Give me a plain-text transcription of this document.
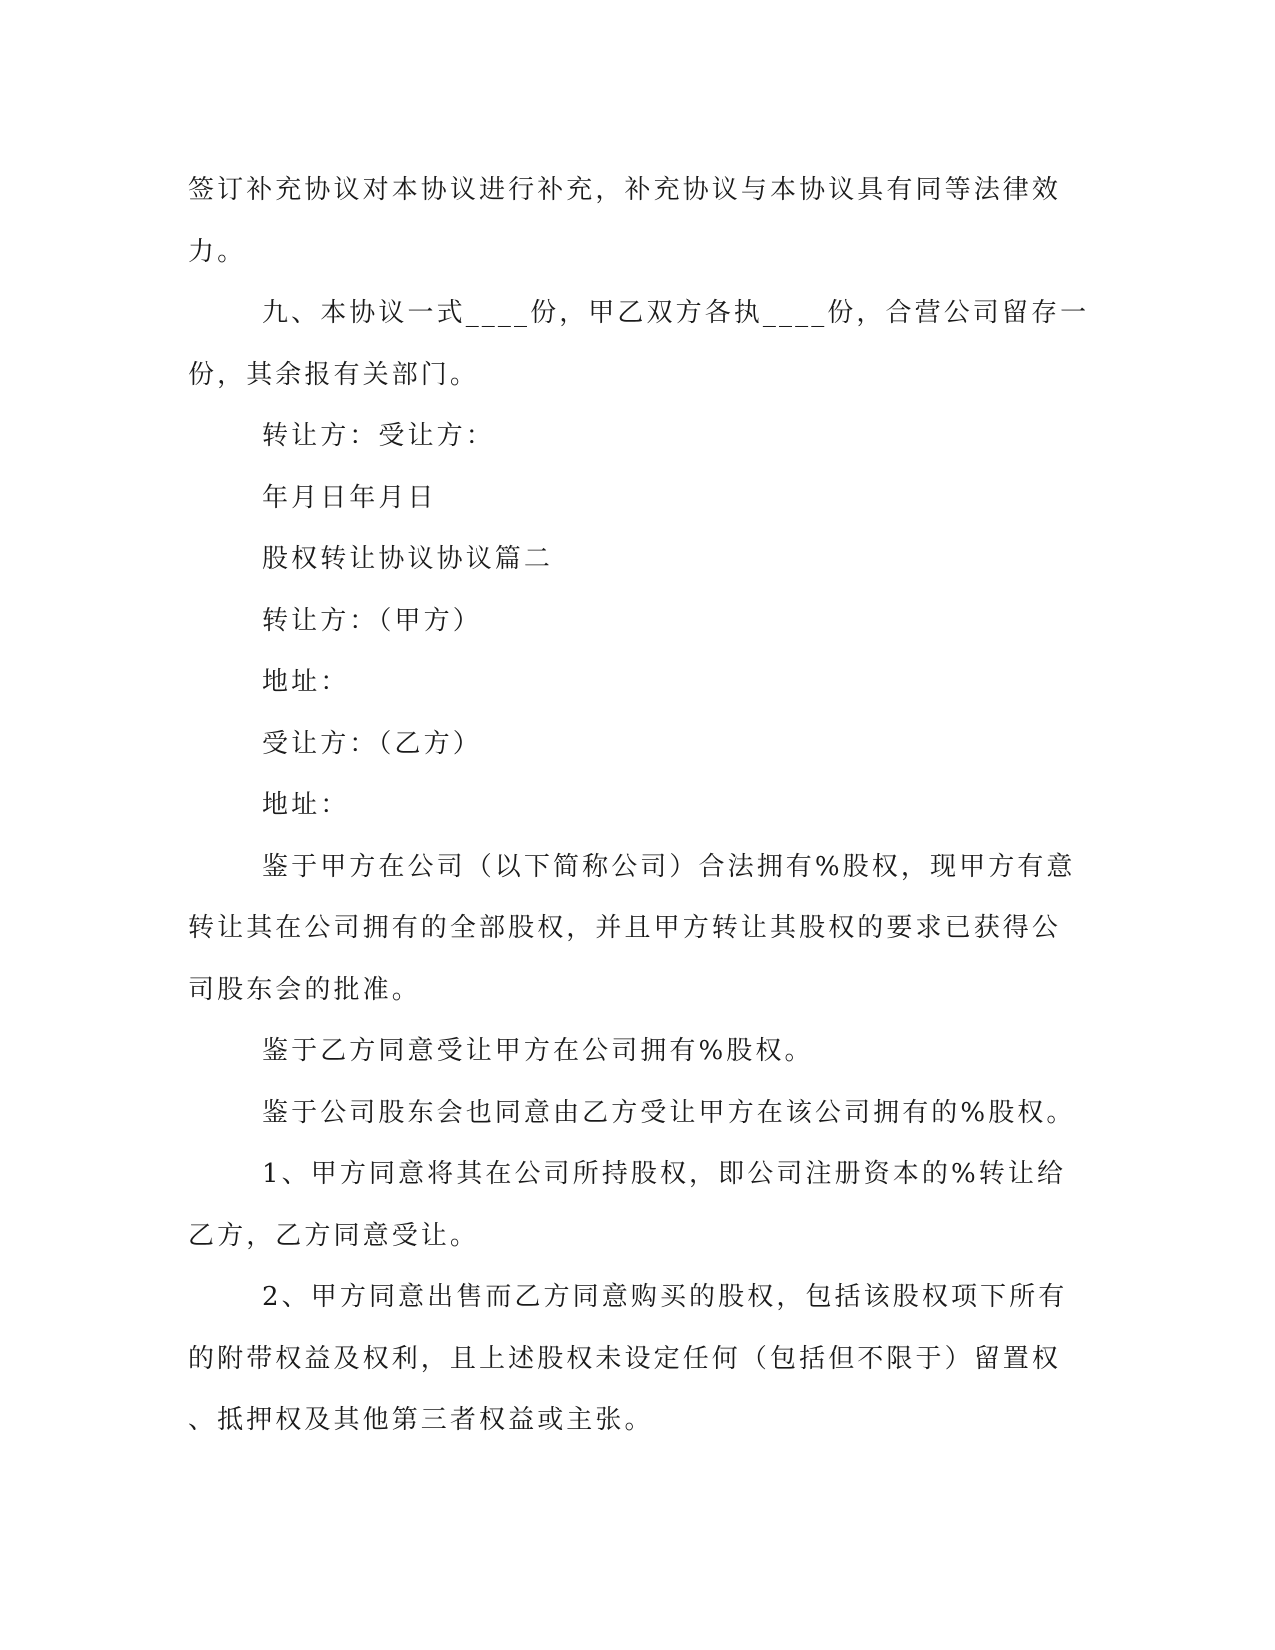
签订补充协议对本协议进行补充，补充协议与本协议具有同等法律效
力。
九、本协议一式____份，甲乙双方各执____份，合营公司留存一
份，其余报有关部门。
转让方：受让方：
年月日年月日
股权转让协议协议篇二
转让方：（甲方）
地址：
受让方：（乙方）
地址：
鉴于甲方在公司（以下简称公司）合法拥有%股权，现甲方有意
转让其在公司拥有的全部股权，并且甲方转让其股权的要求已获得公
司股东会的批准。
鉴于乙方同意受让甲方在公司拥有%股权。
鉴于公司股东会也同意由乙方受让甲方在该公司拥有的%股权。
1、甲方同意将其在公司所持股权，即公司注册资本的%转让给
乙方，乙方同意受让。
2、甲方同意出售而乙方同意购买的股权，包括该股权项下所有
的附带权益及权利，且上述股权未设定任何（包括但不限于）留置权
、抵押权及其他第三者权益或主张。
